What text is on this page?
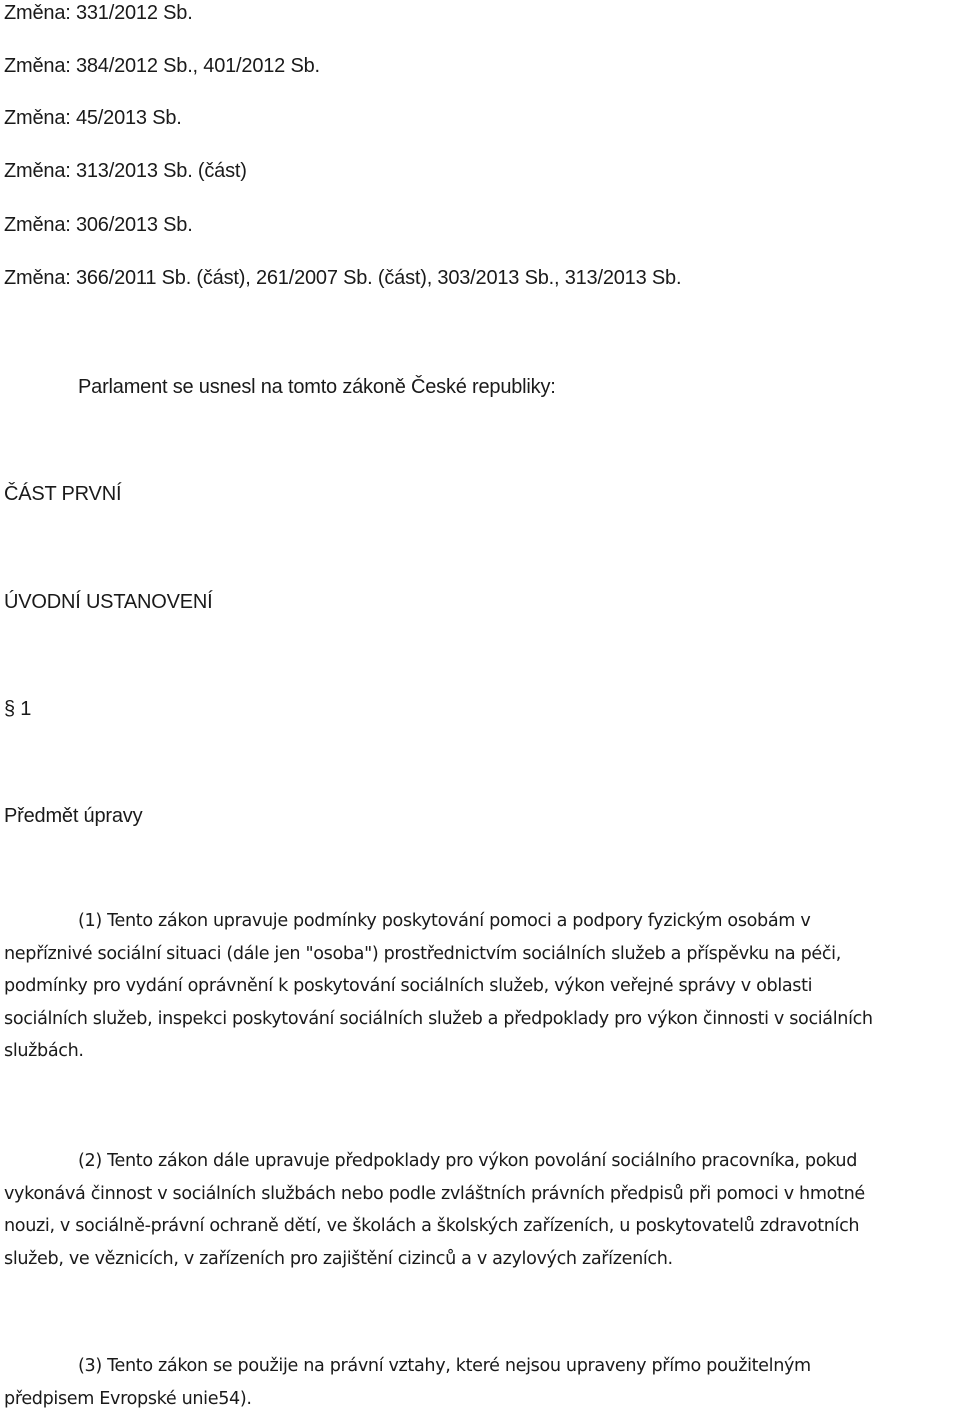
Změna: 331/2012 Sb.

Změna: 384/2012 Sb., 401/2012 Sb.

Změna: 45/2013 Sb.

Změna: 313/2013 Sb. (část)

Změna: 306/2013 Sb.

Změna: 366/2011 Sb. (část), 261/2007 Sb. (část), 303/2013 Sb., 313/2013 Sb.

Parlament se usnesl na tomto zákoně České republiky:

ČÁST PRVNÍ

ÚVODNÍ USTANOVENÍ

§ 1

Předmět úpravy

(1) Tento zákon upravuje podmínky poskytování pomoci a podpory fyzickým osobám v
nepříznivé sociální situaci (dále jen "osoba") prostřednictvím sociálních služeb a příspěvku na péči,
podmínky pro vydání oprávnění k poskytování sociálních služeb, výkon veřejné správy v oblasti
sociálních služeb, inspekci poskytování sociálních služeb a předpoklady pro výkon činnosti v sociálních
službách.
(2) Tento zákon dále upravuje předpoklady pro výkon povolání sociálního pracovníka, pokud
vykonává činnost v sociálních službách nebo podle zvláštních právních předpisů při pomoci v hmotné
nouzi, v sociálně-právní ochraně dětí, ve školách a školských zařízeních, u poskytovatelů zdravotních
služeb, ve věznicích, v zařízeních pro zajištění cizinců a v azylových zařízeních.
(3) Tento zákon se použije na právní vztahy, které nejsou upraveny přímo použitelným
předpisem Evropské unie54).
